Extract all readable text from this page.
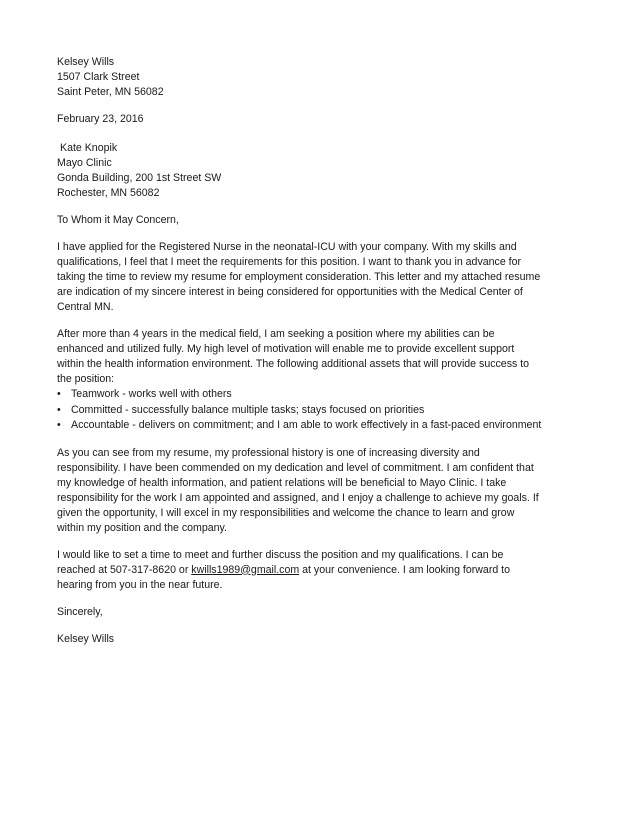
Kelsey Wills
1507 Clark Street
Saint Peter, MN 56082
February 23, 2016
Kate Knopik
Mayo Clinic
Gonda Building, 200 1st Street SW
Rochester, MN 56082
To Whom it May Concern,
I have applied for the Registered Nurse in the neonatal-ICU with your company. With my skills and
qualifications, I feel that I meet the requirements for this position. I want to thank you in advance for
taking the time to review my resume for employment consideration. This letter and my attached resume
are indication of my sincere interest in being considered for opportunities with the Medical Center of
Central MN.
After more than 4 years in the medical field, I am seeking a position where my abilities can be
enhanced and utilized fully. My high level of motivation will enable me to provide excellent support
within the health information environment. The following additional assets that will provide success to
the position:
• Teamwork - works well with others
• Committed - successfully balance multiple tasks; stays focused on priorities
• Accountable - delivers on commitment; and I am able to work effectively in a fast-paced environment
As you can see from my resume, my professional history is one of increasing diversity and
responsibility. I have been commended on my dedication and level of commitment. I am confident that
my knowledge of health information, and patient relations will be beneficial to Mayo Clinic. I take
responsibility for the work I am appointed and assigned, and I enjoy a challenge to achieve my goals. If
given the opportunity, I will excel in my responsibilities and welcome the chance to learn and grow
within my position and the company.
I would like to set a time to meet and further discuss the position and my qualifications. I can be
reached at 507-317-8620 or kwills1989@gmail.com at your convenience. I am looking forward to
hearing from you in the near future.
Sincerely,
Kelsey Wills
